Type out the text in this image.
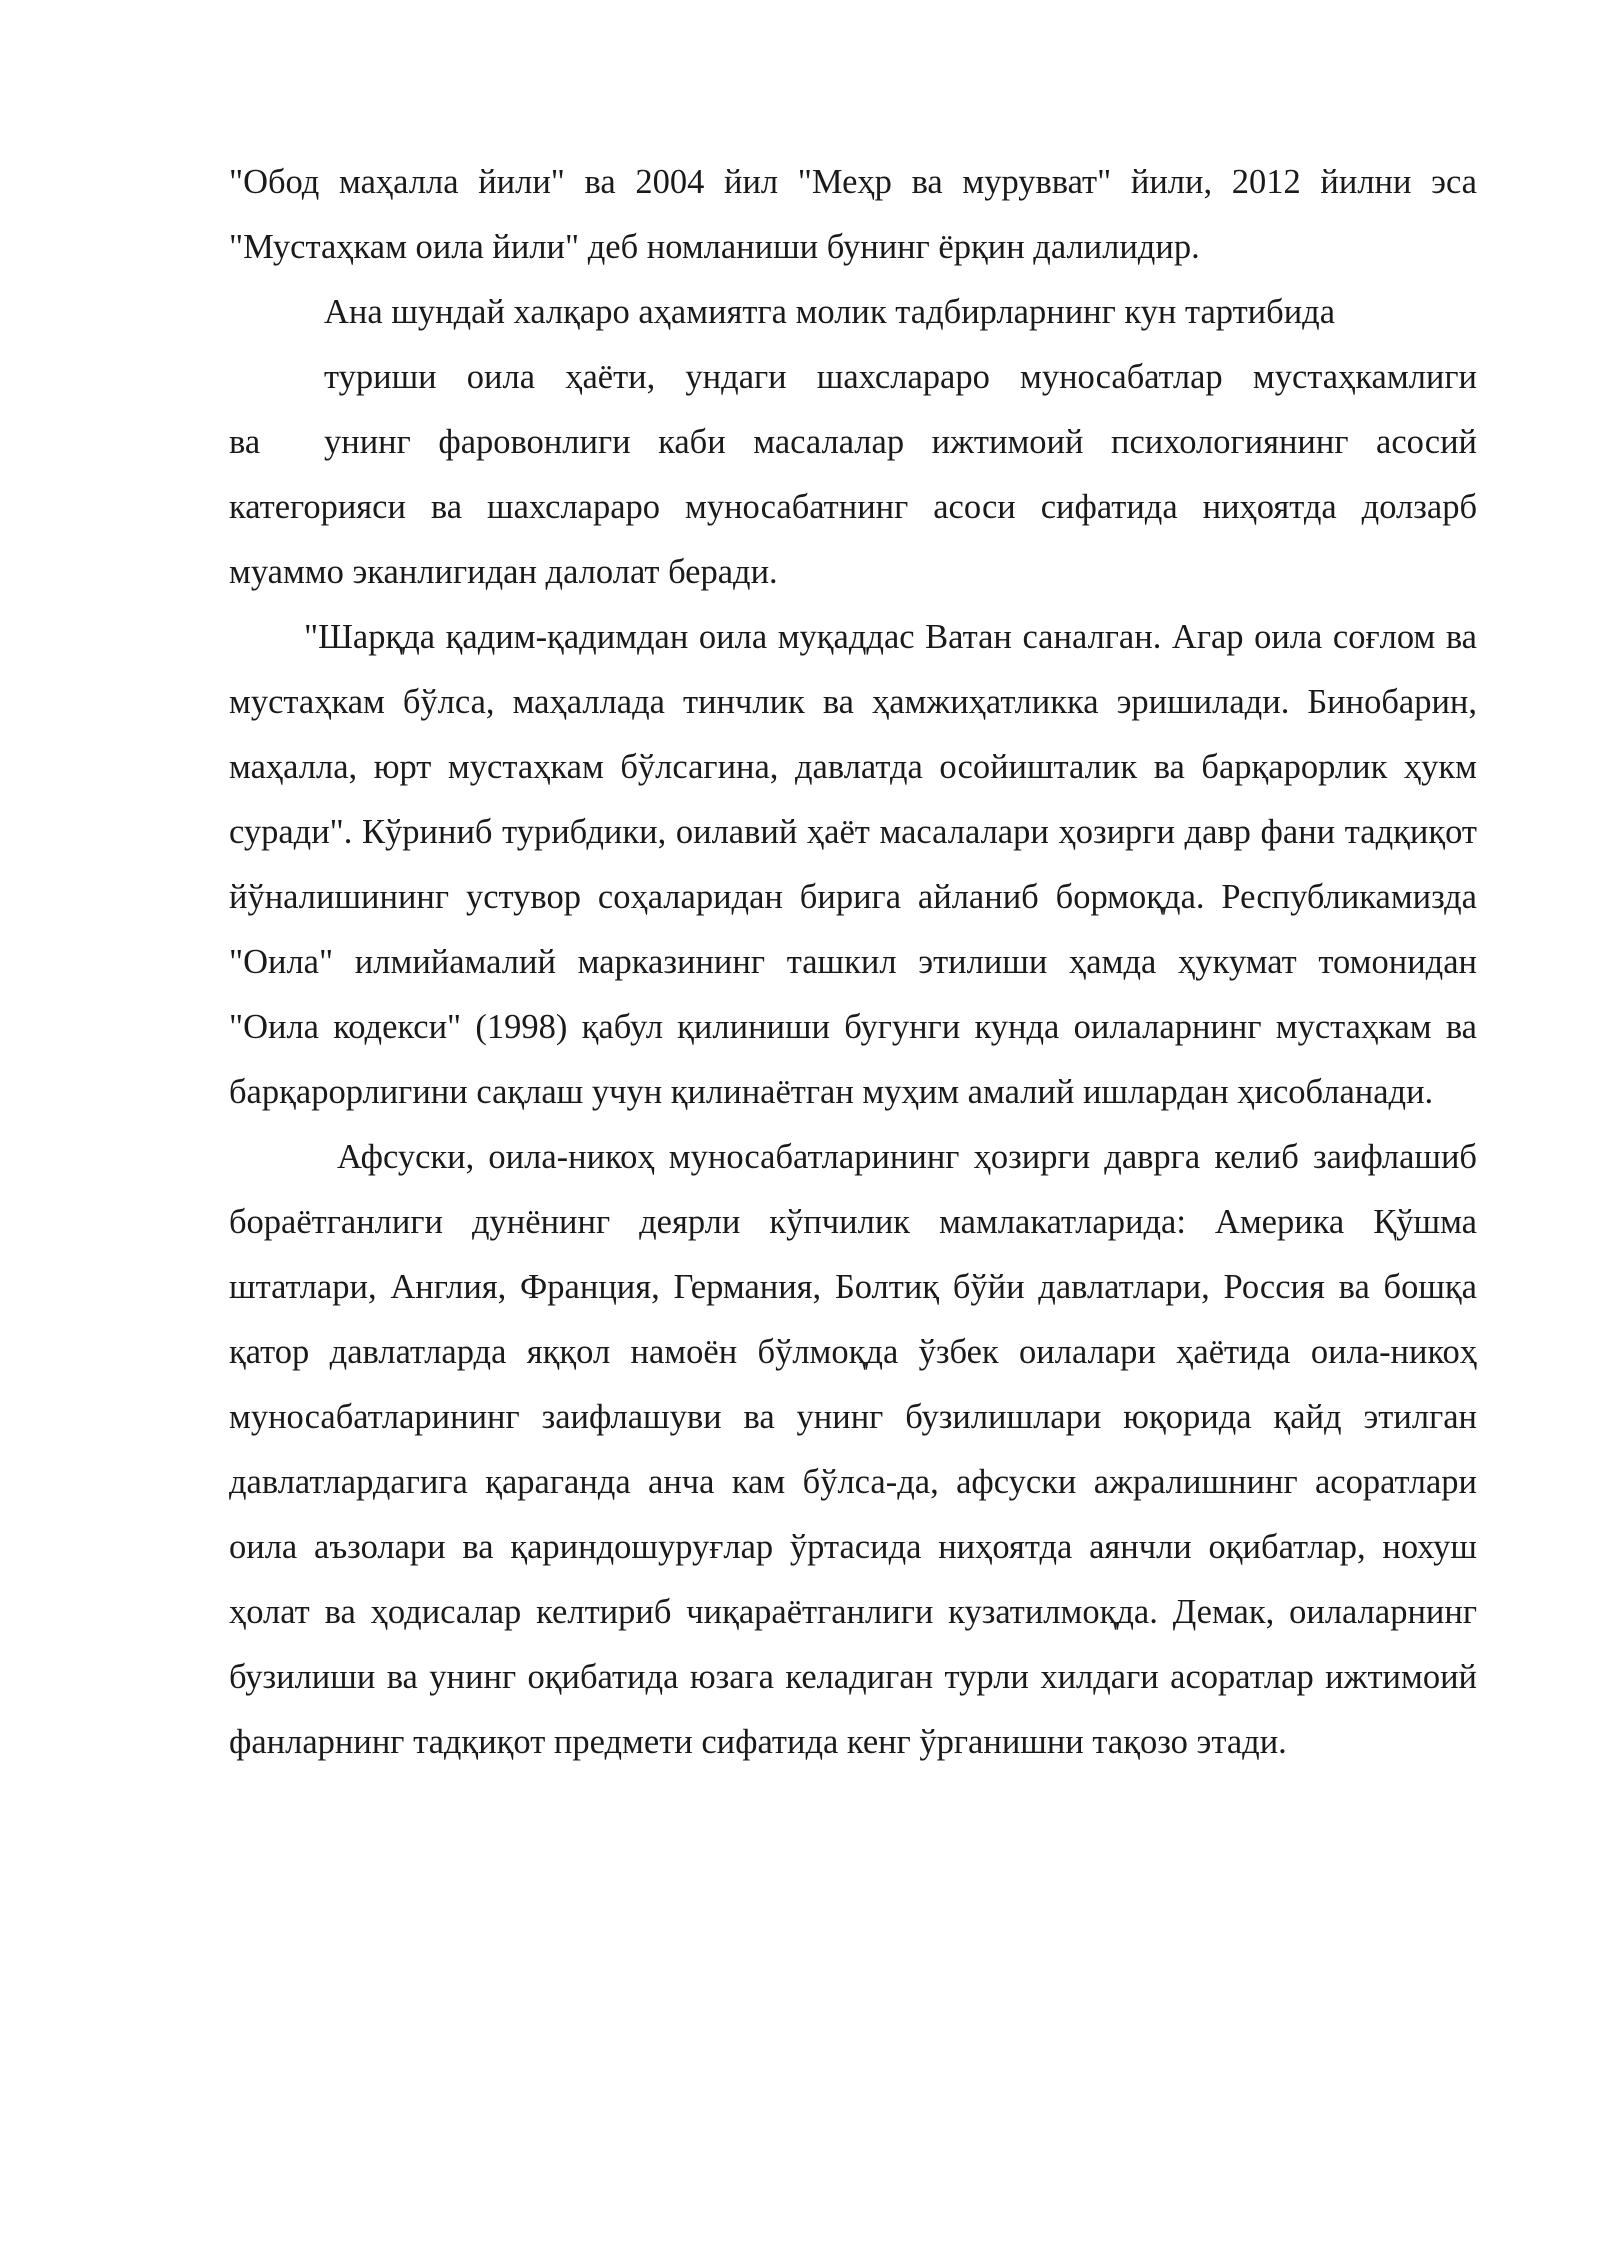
"Обод маҳалла йили" ва 2004 йил "Меҳр ва мурувват" йили, 2012 йилни эса
"Мустаҳкам оила йили" деб номланиши бунинг ёрқин далилидир.
Ана шундай халқаро аҳамиятга молик тадбирларнинг кун тартибида
туриши оила ҳаёти, ундаги шахслараро муносабатлар мустаҳкамлиги
ва	унинг фаровонлиги каби масалалар ижтимоий психологиянинг асосий
категорияси ва шахслараро муносабатнинг асоси сифатида ниҳоятда долзарб
муаммо эканлигидан далолат беради.

"Шарқда қадим-қадимдан оила муқаддас Ватан саналган. Агар оила соғлом ва мустаҳкам бўлса, маҳаллада тинчлик ва ҳамжиҳатликка эришилади. Бинобарин, маҳалла, юрт мустаҳкам бўлсагина, давлатда осойишталик ва барқарорлик ҳукм суради". Кўриниб турибдики, оилавий ҳаёт масалалари ҳозирги давр фани тадқиқот йўналишининг устувор соҳаларидан бирига айланиб бормоқда. Республикамизда "Оила" илмийамалий марказининг ташкил этилиши ҳамда ҳукумат томонидан "Оила кодекси" (1998) қабул қилиниши бугунги кунда оилаларнинг мустаҳкам ва барқарорлигини сақлаш учун қилинаётган муҳим амалий ишлардан ҳисобланади.

Афсуски, оила-никоҳ муносабатларининг ҳозирги даврга келиб заифлашиб бораётганлиги дунёнинг деярли кўпчилик мамлакатларида: Америка Қўшма штатлари, Англия, Франция, Германия, Болтиқ бўйи давлатлари, Россия ва бошқа қатор давлатларда яққол намоён бўлмоқда ўзбек оилалари ҳаётида оила-никоҳ муносабатларининг заифлашуви ва унинг бузилишлари юқорида қайд этилган давлатлардагига қараганда анча кам бўлса-да, афсуски ажралишнинг асоратлари оила аъзолари ва қариндошуруғлар ўртасида ниҳоятда аянчли оқибатлар, нохуш ҳолат ва ҳодисалар келтириб чиқараётганлиги кузатилмоқда. Демак, оилаларнинг бузилиши ва унинг оқибатида юзага келадиган турли хилдаги асоратлар ижтимоий фанларнинг тадқиқот предмети сифатида кенг ўрганишни тақозо этади.
